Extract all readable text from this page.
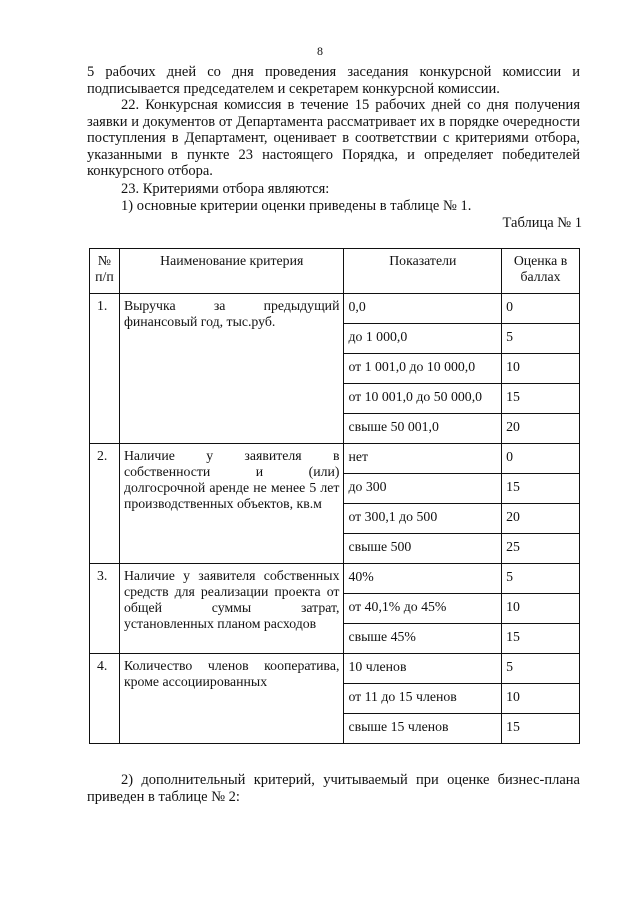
8
5 рабочих дней со дня проведения заседания конкурсной комиссии и подписывается председателем и секретарем конкурсной комиссии.
22. Конкурсная комиссия в течение 15 рабочих дней со дня получения заявки и документов от Департамента рассматривает их в порядке очередности поступления в Департамент, оценивает в соответствии с критериями отбора, указанными в пункте 23 настоящего Порядка, и определяет победителей конкурсного отбора.
23. Критериями отбора являются:
1) основные критерии оценки приведены в таблице № 1.
Таблица № 1
№ п/п	Наименование критерия	Показатели	Оценка в баллах
1.	Выручка за предыдущий финансовый год, тыс.руб.	0,0	0
		до 1 000,0	5
		от 1 001,0 до 10 000,0	10
		от 10 001,0 до 50 000,0	15
		свыше 50 001,0	20
2.	Наличие у заявителя в собственности и (или) долгосрочной аренде не менее 5 лет производственных объектов, кв.м	нет	0
		до 300	15
		от 300,1 до 500	20
		свыше 500	25
3.	Наличие у заявителя собственных средств для реализации проекта от общей суммы затрат, установленных планом расходов	40%	5
		от 40,1% до 45%	10
		свыше 45%	15
4.	Количество членов кооператива, кроме ассоциированных	10 членов	5
		от 11 до 15 членов	10
		свыше 15 членов	15
2) дополнительный критерий, учитываемый при оценке бизнес-плана приведен в таблице № 2:
